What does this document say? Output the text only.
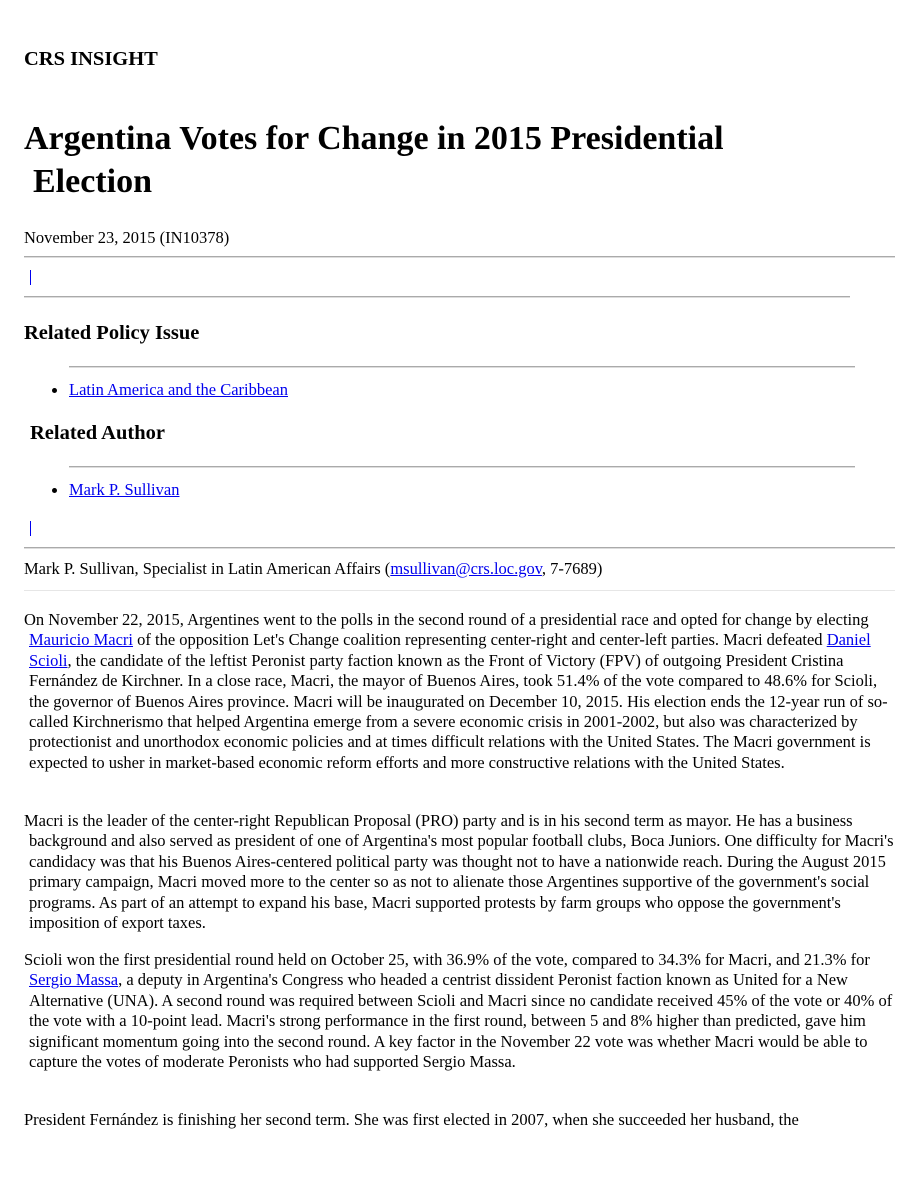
CRS INSIGHT
Argentina Votes for Change in 2015 Presidential
Election
November 23, 2015 (IN10378)
Related Policy Issue
Latin America and the Caribbean
Related Author
Mark P. Sullivan
Mark P. Sullivan, Specialist in Latin American Affairs (msullivan@crs.loc.gov, 7-7689)

On November 22, 2015, Argentines went to the polls in the second round of a presidential race and opted for change by electing Mauricio Macri of the opposition Let's Change coalition representing center-right and center-left parties. Macri defeated Daniel Scioli, the candidate of the leftist Peronist party faction known as the Front of Victory (FPV) of outgoing President Cristina Fernández de Kirchner. In a close race, Macri, the mayor of Buenos Aires, took 51.4% of the vote compared to 48.6% for Scioli, the governor of Buenos Aires province. Macri will be inaugurated on December 10, 2015. His election ends the 12-year run of so-called Kirchnerismo that helped Argentina emerge from a severe economic crisis in 2001-2002, but also was characterized by protectionist and unorthodox economic policies and at times difficult relations with the United States. The Macri government is expected to usher in market-based economic reform efforts and more constructive relations with the United States.

Macri is the leader of the center-right Republican Proposal (PRO) party and is in his second term as mayor. He has a business background and also served as president of one of Argentina's most popular football clubs, Boca Juniors. One difficulty for Macri's candidacy was that his Buenos Aires-centered political party was thought not to have a nationwide reach. During the August 2015 primary campaign, Macri moved more to the center so as not to alienate those Argentines supportive of the government's social programs. As part of an attempt to expand his base, Macri supported protests by farm groups who oppose the government's imposition of export taxes.

Scioli won the first presidential round held on October 25, with 36.9% of the vote, compared to 34.3% for Macri, and 21.3% for Sergio Massa, a deputy in Argentina's Congress who headed a centrist dissident Peronist faction known as United for a New Alternative (UNA). A second round was required between Scioli and Macri since no candidate received 45% of the vote or 40% of the vote with a 10-point lead. Macri's strong performance in the first round, between 5 and 8% higher than predicted, gave him significant momentum going into the second round. A key factor in the November 22 vote was whether Macri would be able to capture the votes of moderate Peronists who had supported Sergio Massa.

President Fernández is finishing her second term. She was first elected in 2007, when she succeeded her husband, the
